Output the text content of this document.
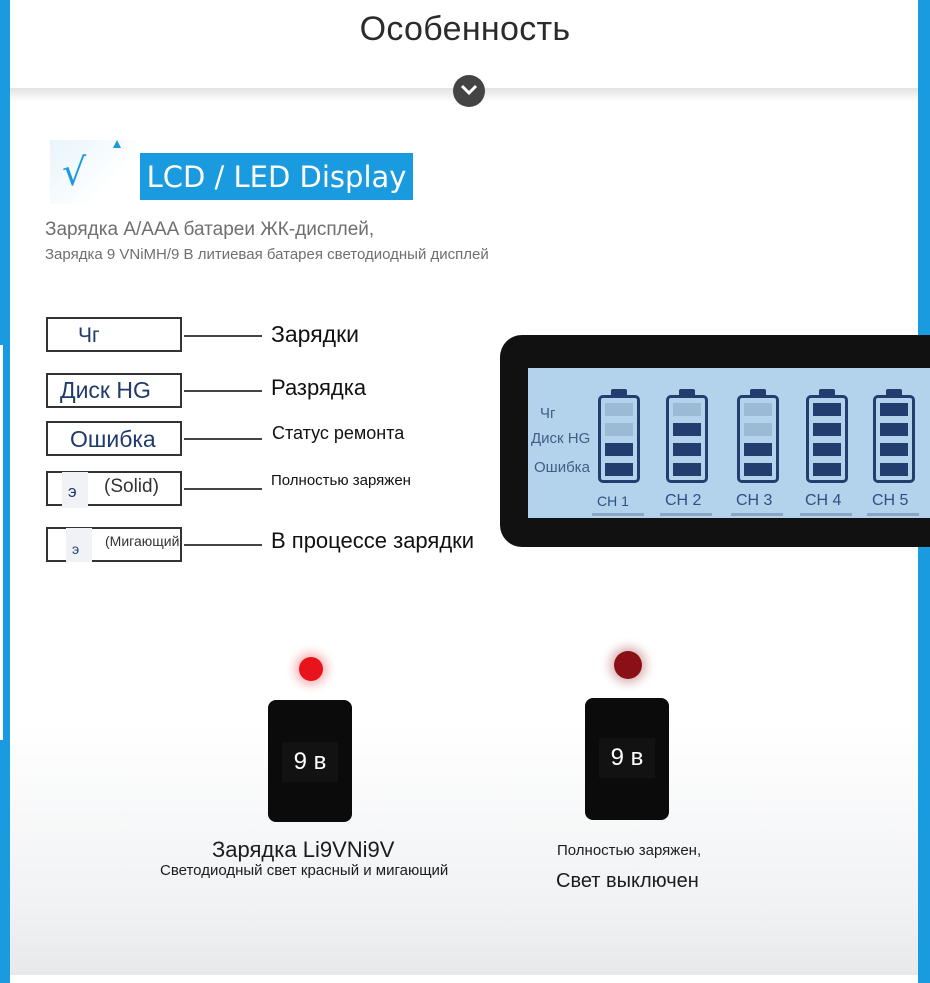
Особенность
√ LCD / LED Display
Зарядка A/AAA батареи ЖК-дисплей,
Зарядка 9 VNiMH/9 В литиевая батарея светодиодный дисплей
Чг	Зарядки
Диск HG	Разрядка
Ошибка	Статус ремонта
э (Solid)	Полностью заряжен
э (Мигающий	В процессе зарядки
Чг
Диск HG
Ошибка
CH 1 CH 2 CH 3 CH 4 CH 5
9 в
Зарядка Li9VNi9V
Светодиодный свет красный и мигающий
9 в
Полностью заряжен,
Свет выключен
